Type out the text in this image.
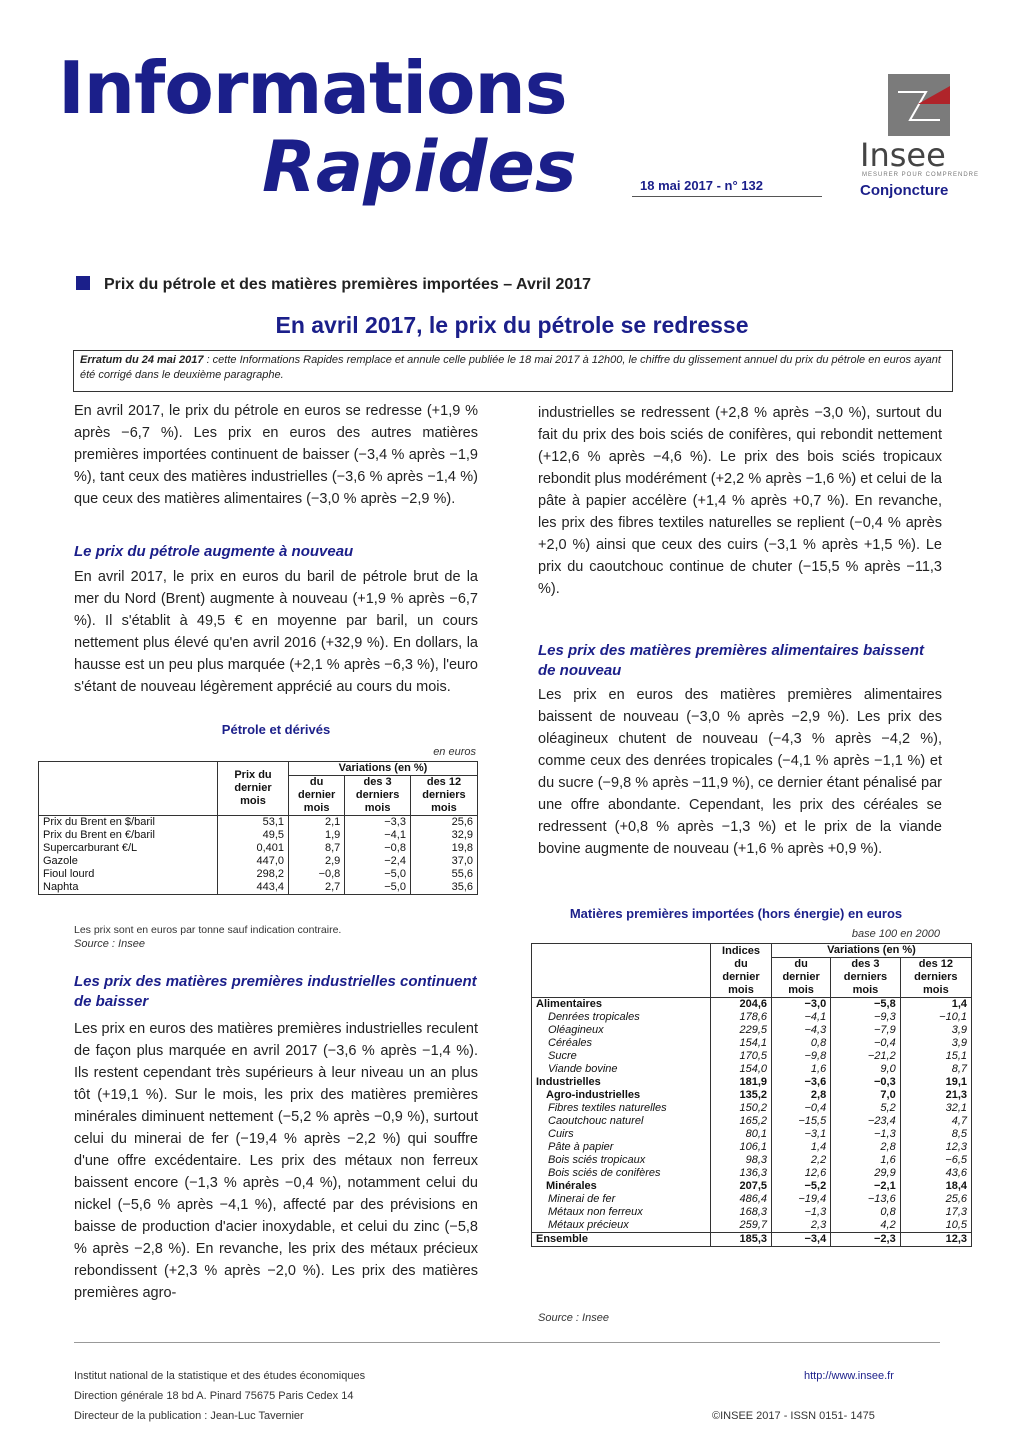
Informations
Rapides	18 mai 2017 - n° 132
Insee
MESURER POUR COMPRENDRE
Conjoncture
Prix du pétrole et des matières premières importées – Avril 2017
En avril 2017, le prix du pétrole se redresse
Erratum du 24 mai 2017 : cette Informations Rapides remplace et annule celle publiée le 18 mai 2017 à 12h00, le chiffre du glissement annuel du prix du pétrole en euros ayant été corrigé dans le deuxième paragraphe.

En avril 2017, le prix du pétrole en euros se redresse (+1,9 % après −6,7 %). Les prix en euros des autres matières premières importées continuent de baisser (−3,4 % après −1,9 %), tant ceux des matières industrielles (−3,6 % après −1,4 %) que ceux des matières alimentaires (−3,0 % après −2,9 %).

Le prix du pétrole augmente à nouveau

En avril 2017, le prix en euros du baril de pétrole brut de la mer du Nord (Brent) augmente à nouveau (+1,9 % après −6,7 %). Il s'établit à 49,5 € en moyenne par baril, un cours nettement plus élevé qu'en avril 2016 (+32,9 %). En dollars, la hausse est un peu plus marquée (+2,1 % après −6,3 %), l'euro s'étant de nouveau légèrement apprécié au cours du mois.

Pétrole et dérivés
en euros
	Prix du dernier mois	Variations (en %)		
		du dernier mois	des 3 derniers mois	des 12 derniers mois
Prix du Brent en $/baril	53,1	2,1	−3,3	25,6
Prix du Brent en €/baril	49,5	1,9	−4,1	32,9
Supercarburant €/L	0,401	8,7	−0,8	19,8
Gazole	447,0	2,9	−2,4	37,0
Fioul lourd	298,2	−0,8	−5,0	55,6
Naphta	443,4	2,7	−5,0	35,6
Les prix sont en euros par tonne sauf indication contraire.
Source : Insee
Les prix des matières premières industrielles continuent de baisser

Les prix en euros des matières premières industrielles reculent de façon plus marquée en avril 2017 (−3,6 % après −1,4 %). Ils restent cependant très supérieurs à leur niveau un an plus tôt (+19,1 %). Sur le mois, les prix des matières premières minérales diminuent nettement (−5,2 % après −0,9 %), surtout celui du minerai de fer (−19,4 % après −2,2 %) qui souffre d'une offre excédentaire. Les prix des métaux non ferreux baissent encore (−1,3 % après −0,4 %), notamment celui du nickel (−5,6 % après −4,1 %), affecté par des prévisions en baisse de production d'acier inoxydable, et celui du zinc (−5,8 % après −2,8 %). En revanche, les prix des métaux précieux rebondissent (+2,3 % après −2,0 %). Les prix des matières premières agro-

industrielles se redressent (+2,8 % après −3,0 %), surtout du fait du prix des bois sciés de conifères, qui rebondit nettement (+12,6 % après −4,6 %). Le prix des bois sciés tropicaux rebondit plus modérément (+2,2 % après −1,6 %) et celui de la pâte à papier accélère (+1,4 % après +0,7 %). En revanche, les prix des fibres textiles naturelles se replient (−0,4 % après +2,0 %) ainsi que ceux des cuirs (−3,1 % après +1,5 %). Le prix du caoutchouc continue de chuter (−15,5 % après −11,3 %).

Les prix des matières premières alimentaires baissent de nouveau

Les prix en euros des matières premières alimentaires baissent de nouveau (−3,0 % après −2,9 %). Les prix des oléagineux chutent de nouveau (−4,3 % après −4,2 %), comme ceux des denrées tropicales (−4,1 % après −1,1 %) et du sucre (−9,8 % après −11,9 %), ce dernier étant pénalisé par une offre abondante. Cependant, les prix des céréales se redressent (+0,8 % après −1,3 %) et le prix de la viande bovine augmente de nouveau (+1,6 % après +0,9 %).

Matières premières importées (hors énergie) en euros
base 100 en 2000
	Indices du dernier mois	Variations (en %)		
		du dernier mois	des 3 derniers mois	des 12 derniers mois
Alimentaires	204,6	−3,0	−5,8	1,4
Denrées tropicales	178,6	−4,1	−9,3	−10,1
Oléagineux	229,5	−4,3	−7,9	3,9
Céréales	154,1	0,8	−0,4	3,9
Sucre	170,5	−9,8	−21,2	15,1
Viande bovine	154,0	1,6	9,0	8,7
Industrielles	181,9	−3,6	−0,3	19,1
Agro-industrielles	135,2	2,8	7,0	21,3
Fibres textiles naturelles	150,2	−0,4	5,2	32,1
Caoutchouc naturel	165,2	−15,5	−23,4	4,7
Cuirs	80,1	−3,1	−1,3	8,5
Pâte à papier	106,1	1,4	2,8	12,3
Bois sciés tropicaux	98,3	2,2	1,6	−6,5
Bois sciés de conifères	136,3	12,6	29,9	43,6
Minérales	207,5	−5,2	−2,1	18,4
Minerai de fer	486,4	−19,4	−13,6	25,6
Métaux non ferreux	168,3	−1,3	0,8	17,3
Métaux précieux	259,7	2,3	4,2	10,5
Ensemble	185,3	−3,4	−2,3	12,3
Source : Insee
Institut national de la statistique et des études économiques
Direction générale 18 bd A. Pinard 75675 Paris Cedex 14
Directeur de la publication : Jean-Luc Tavernier
http://www.insee.fr
©INSEE 2017 - ISSN 0151- 1475
